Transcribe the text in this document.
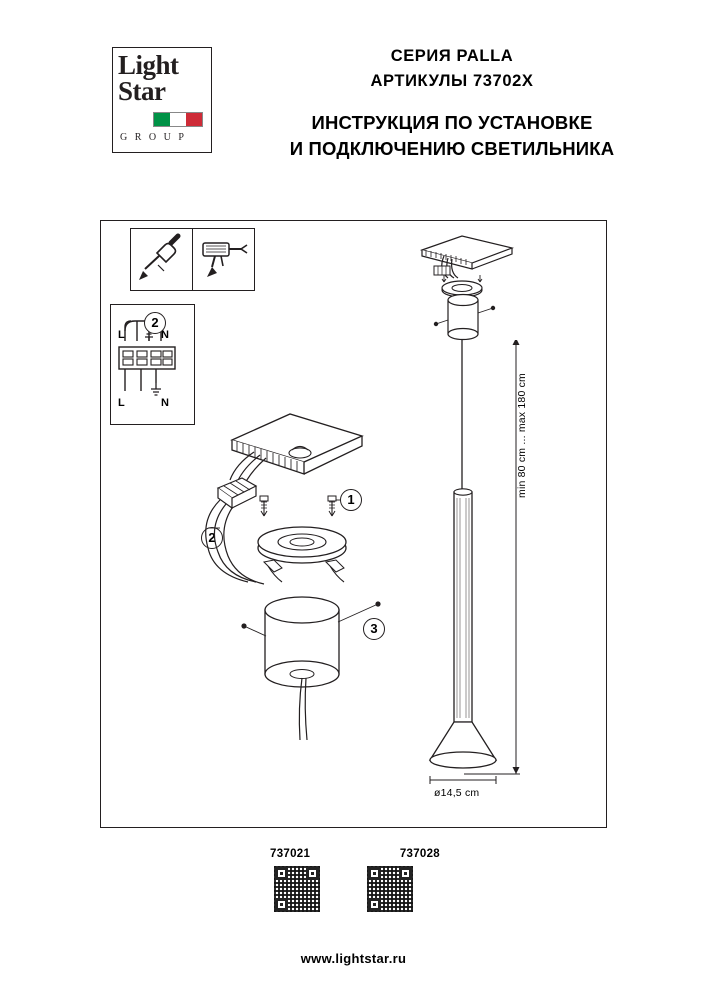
Light
Star
G R O U P
СЕРИЯ PALLA
АРТИКУЛЫ 73702X
ИНСТРУКЦИЯ ПО УСТАНОВКЕ
И ПОДКЛЮЧЕНИЮ СВЕТИЛЬНИКА
L	N
L	N
2
1
2
3
min 80 cm ... max 180 cm
ø14,5 cm
737021	737028
www.lightstar.ru
